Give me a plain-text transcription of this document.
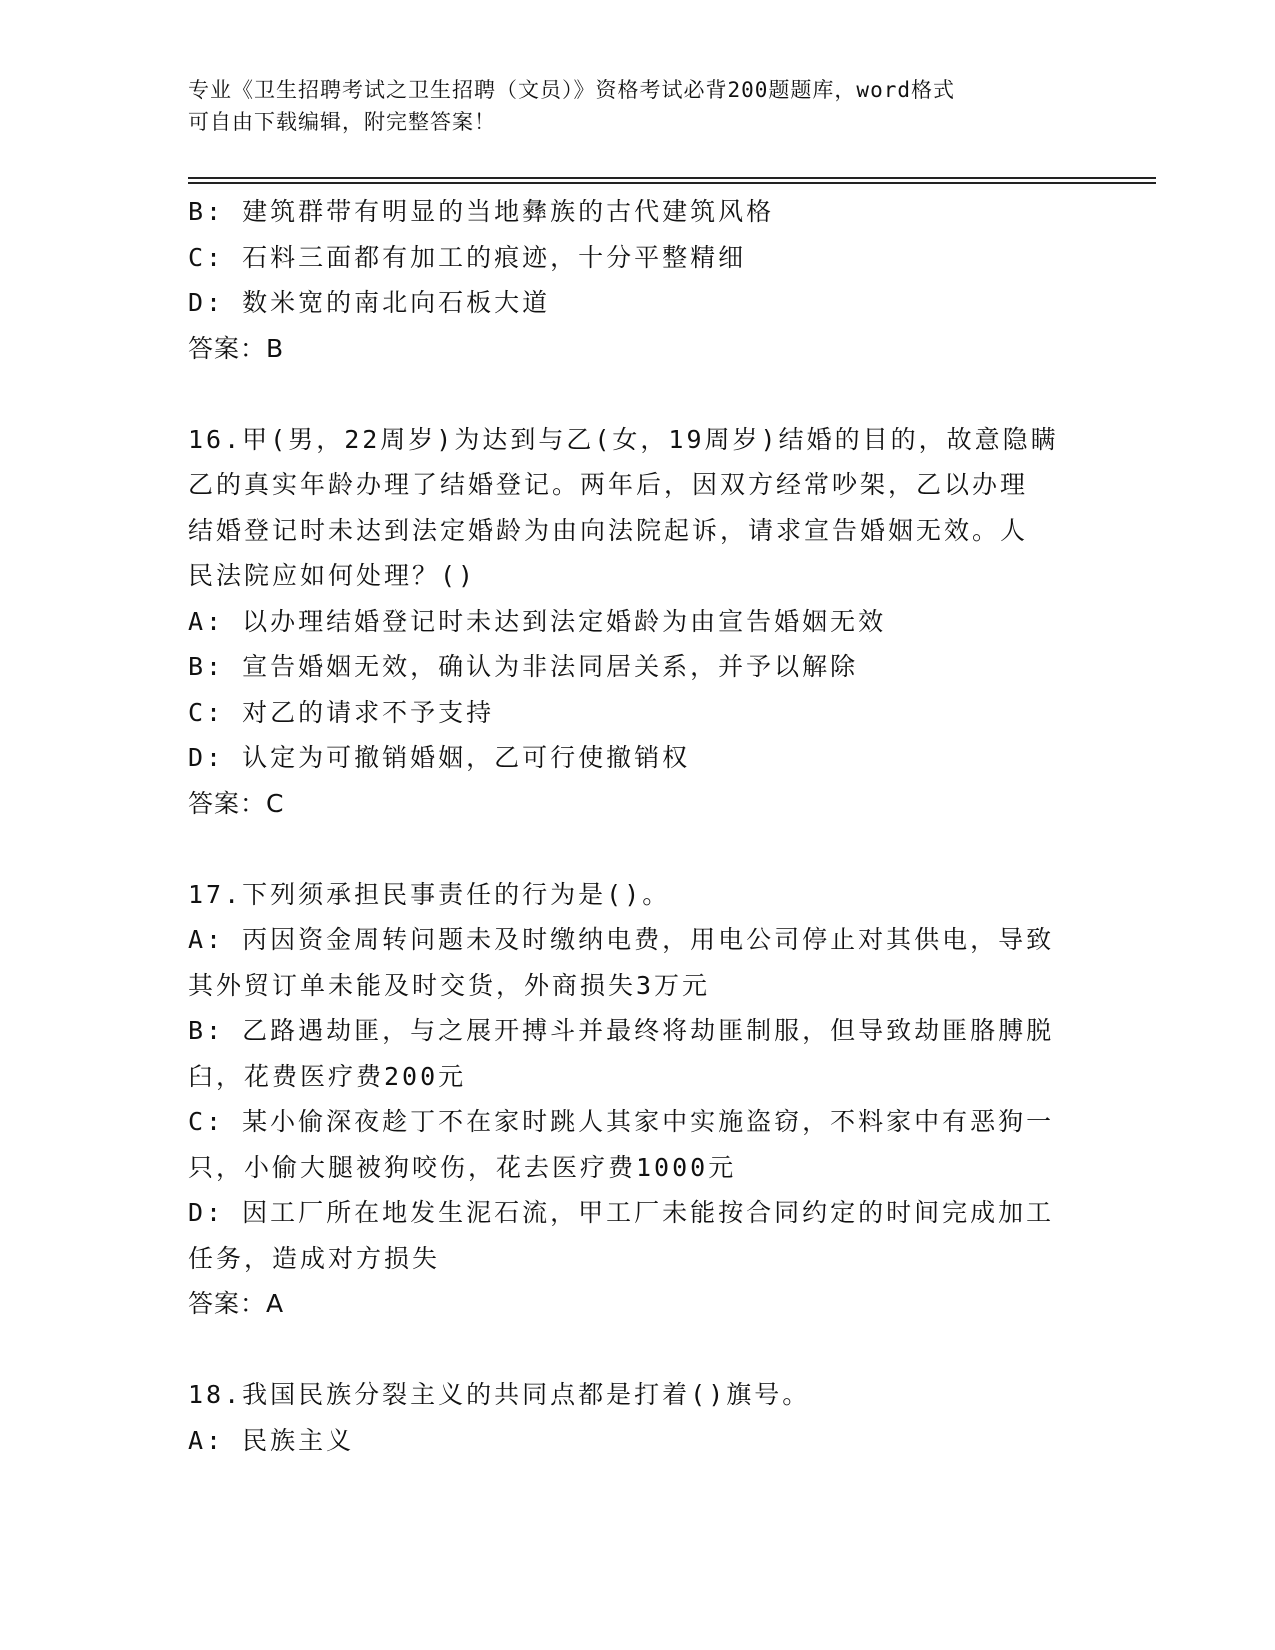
专业《卫生招聘考试之卫生招聘（文员）》资格考试必背200题题库，word格式

可自由下载编辑，附完整答案！

B: 建筑群带有明显的当地彝族的古代建筑风格

C: 石料三面都有加工的痕迹，十分平整精细

D: 数米宽的南北向石板大道

答案：B

16.甲(男，22周岁)为达到与乙(女，19周岁)结婚的目的，故意隐瞒

乙的真实年龄办理了结婚登记。两年后，因双方经常吵架，乙以办理

结婚登记时未达到法定婚龄为由向法院起诉，请求宣告婚姻无效。人

民法院应如何处理？()

A: 以办理结婚登记时未达到法定婚龄为由宣告婚姻无效

B: 宣告婚姻无效，确认为非法同居关系，并予以解除

C: 对乙的请求不予支持

D: 认定为可撤销婚姻，乙可行使撤销权

答案：C

17.下列须承担民事责任的行为是()。

A: 丙因资金周转问题未及时缴纳电费，用电公司停止对其供电，导致

其外贸订单未能及时交货，外商损失3万元

B: 乙路遇劫匪，与之展开搏斗并最终将劫匪制服，但导致劫匪胳膊脱

臼，花费医疗费200元

C: 某小偷深夜趁丁不在家时跳人其家中实施盗窃，不料家中有恶狗一

只，小偷大腿被狗咬伤，花去医疗费1000元

D: 因工厂所在地发生泥石流，甲工厂未能按合同约定的时间完成加工

任务，造成对方损失

答案：A

18.我国民族分裂主义的共同点都是打着()旗号。

A: 民族主义
